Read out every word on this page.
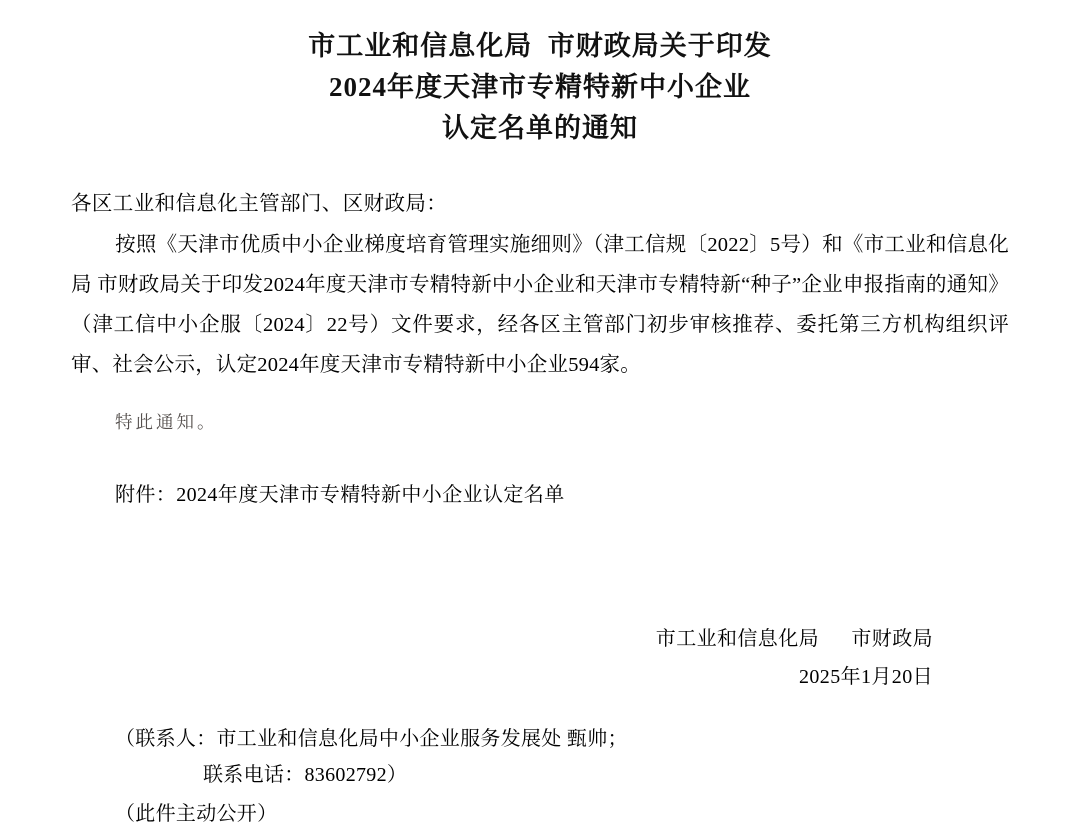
市工业和信息化局  市财政局关于印发
2024年度天津市专精特新中小企业
认定名单的通知
各区工业和信息化主管部门、区财政局：
按照《天津市优质中小企业梯度培育管理实施细则》（津工信规〔2022〕5号）和《市工业和信息化局 市财政局关于印发2024年度天津市专精特新中小企业和天津市专精特新“种子”企业申报指南的通知》（津工信中小企服〔2024〕22号）文件要求，经各区主管部门初步审核推荐、委托第三方机构组织评审、社会公示，认定2024年度天津市专精特新中小企业594家。
特此通知。
附件：2024年度天津市专精特新中小企业认定名单
市工业和信息化局      市财政局
2025年1月20日
（联系人：市工业和信息化局中小企业服务发展处 甄帅；
联系电话：83602792）
（此件主动公开）
